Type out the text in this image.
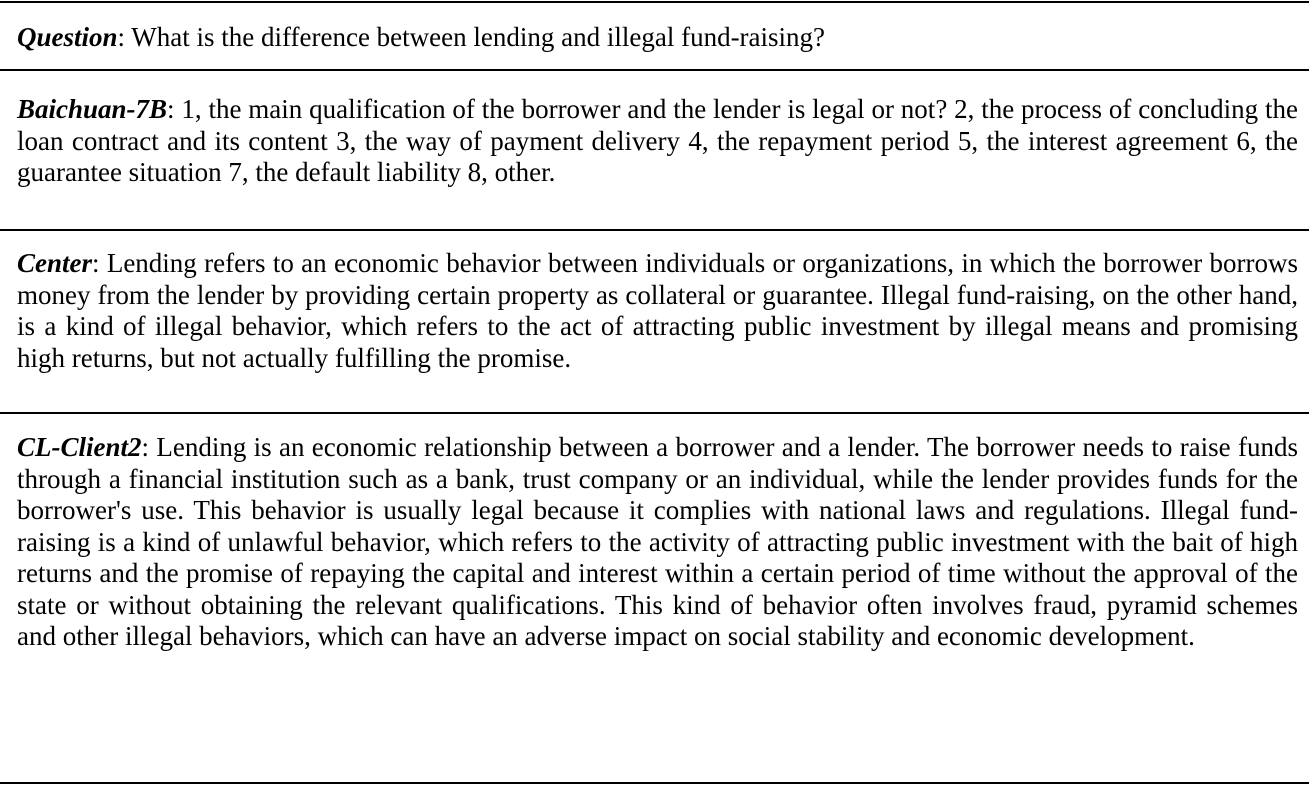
Question: What is the difference between lending and illegal fund-raising?

Baichuan-7B: 1, the main qualification of the borrower and the lender is legal or not? 2, the process of concluding the loan contract and its content 3, the way of payment delivery 4, the repayment period 5, the interest agreement 6, the guarantee situation 7, the default liability 8, other.

Center: Lending refers to an economic behavior between individuals or organizations, in which the borrower borrows money from the lender by providing certain property as collateral or guarantee. Illegal fund-raising, on the other hand, is a kind of illegal behavior, which refers to the act of attracting public investment by illegal means and promising high returns, but not actually fulfilling the promise.

CL-Client2: Lending is an economic relationship between a borrower and a lender. The borrower needs to raise funds through a financial institution such as a bank, trust company or an individual, while the lender provides funds for the borrower's use. This behavior is usually legal because it complies with national laws and regulations. Illegal fund-raising is a kind of unlawful behavior, which refers to the activity of attracting public investment with the bait of high returns and the promise of repaying the capital and interest within a certain period of time without the approval of the state or without obtaining the relevant qualifications. This kind of behavior often involves fraud, pyramid schemes and other illegal behaviors, which can have an adverse impact on social stability and economic development.
